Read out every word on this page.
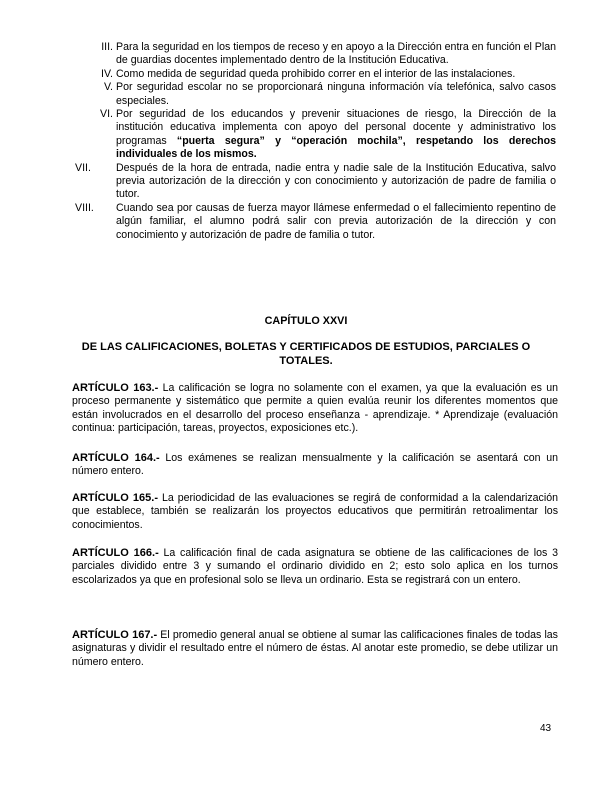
III. Para la seguridad en los tiempos de receso y en apoyo a la Dirección entra en función el Plan de guardias docentes implementado dentro de la Institución Educativa.
IV. Como medida de seguridad queda prohibido correr en el interior de las instalaciones.
V. Por seguridad escolar no se proporcionará ninguna información vía telefónica, salvo casos especiales.
VI. Por seguridad de los educandos y prevenir situaciones de riesgo, la Dirección de la institución educativa implementa con apoyo del personal docente y administrativo los programas “puerta segura” y “operación mochila”, respetando los derechos individuales de los mismos.
VII.	Después de la hora de entrada, nadie entra y nadie sale de la Institución Educativa, salvo previa autorización de la dirección y con conocimiento y autorización de padre de familia o tutor.
VIII.	Cuando sea por causas de fuerza mayor llámese enfermedad o el fallecimiento repentino de algún familiar, el alumno podrá salir con previa autorización de la dirección y con conocimiento y autorización de padre de familia o tutor.
CAPÍTULO XXVI
DE LAS CALIFICACIONES, BOLETAS Y CERTIFICADOS DE ESTUDIOS, PARCIALES O TOTALES.
ARTÍCULO 163.- La calificación se logra no solamente con el examen, ya que la evaluación es un proceso permanente y sistemático que permite a quien evalúa reunir los diferentes momentos que están involucrados en el desarrollo del proceso enseñanza - aprendizaje. * Aprendizaje (evaluación continua: participación, tareas, proyectos, exposiciones etc.).
ARTÍCULO 164.- Los exámenes se realizan mensualmente y la calificación se asentará con un número entero.
ARTÍCULO 165.- La periodicidad de las evaluaciones se regirá de conformidad a la calendarización que establece, también se realizarán los proyectos educativos que permitirán retroalimentar los conocimientos.
ARTÍCULO 166.- La calificación final de cada asignatura se obtiene de las calificaciones de los 3 parciales dividido entre 3 y sumando el ordinario dividido en 2; esto solo aplica en los turnos escolarizados ya que en profesional solo se lleva un ordinario. Esta se registrará con un entero.
ARTÍCULO 167.- El promedio general anual se obtiene al sumar las calificaciones finales de todas las asignaturas y dividir el resultado entre el número de éstas. Al anotar este promedio, se debe utilizar un número entero.
43
